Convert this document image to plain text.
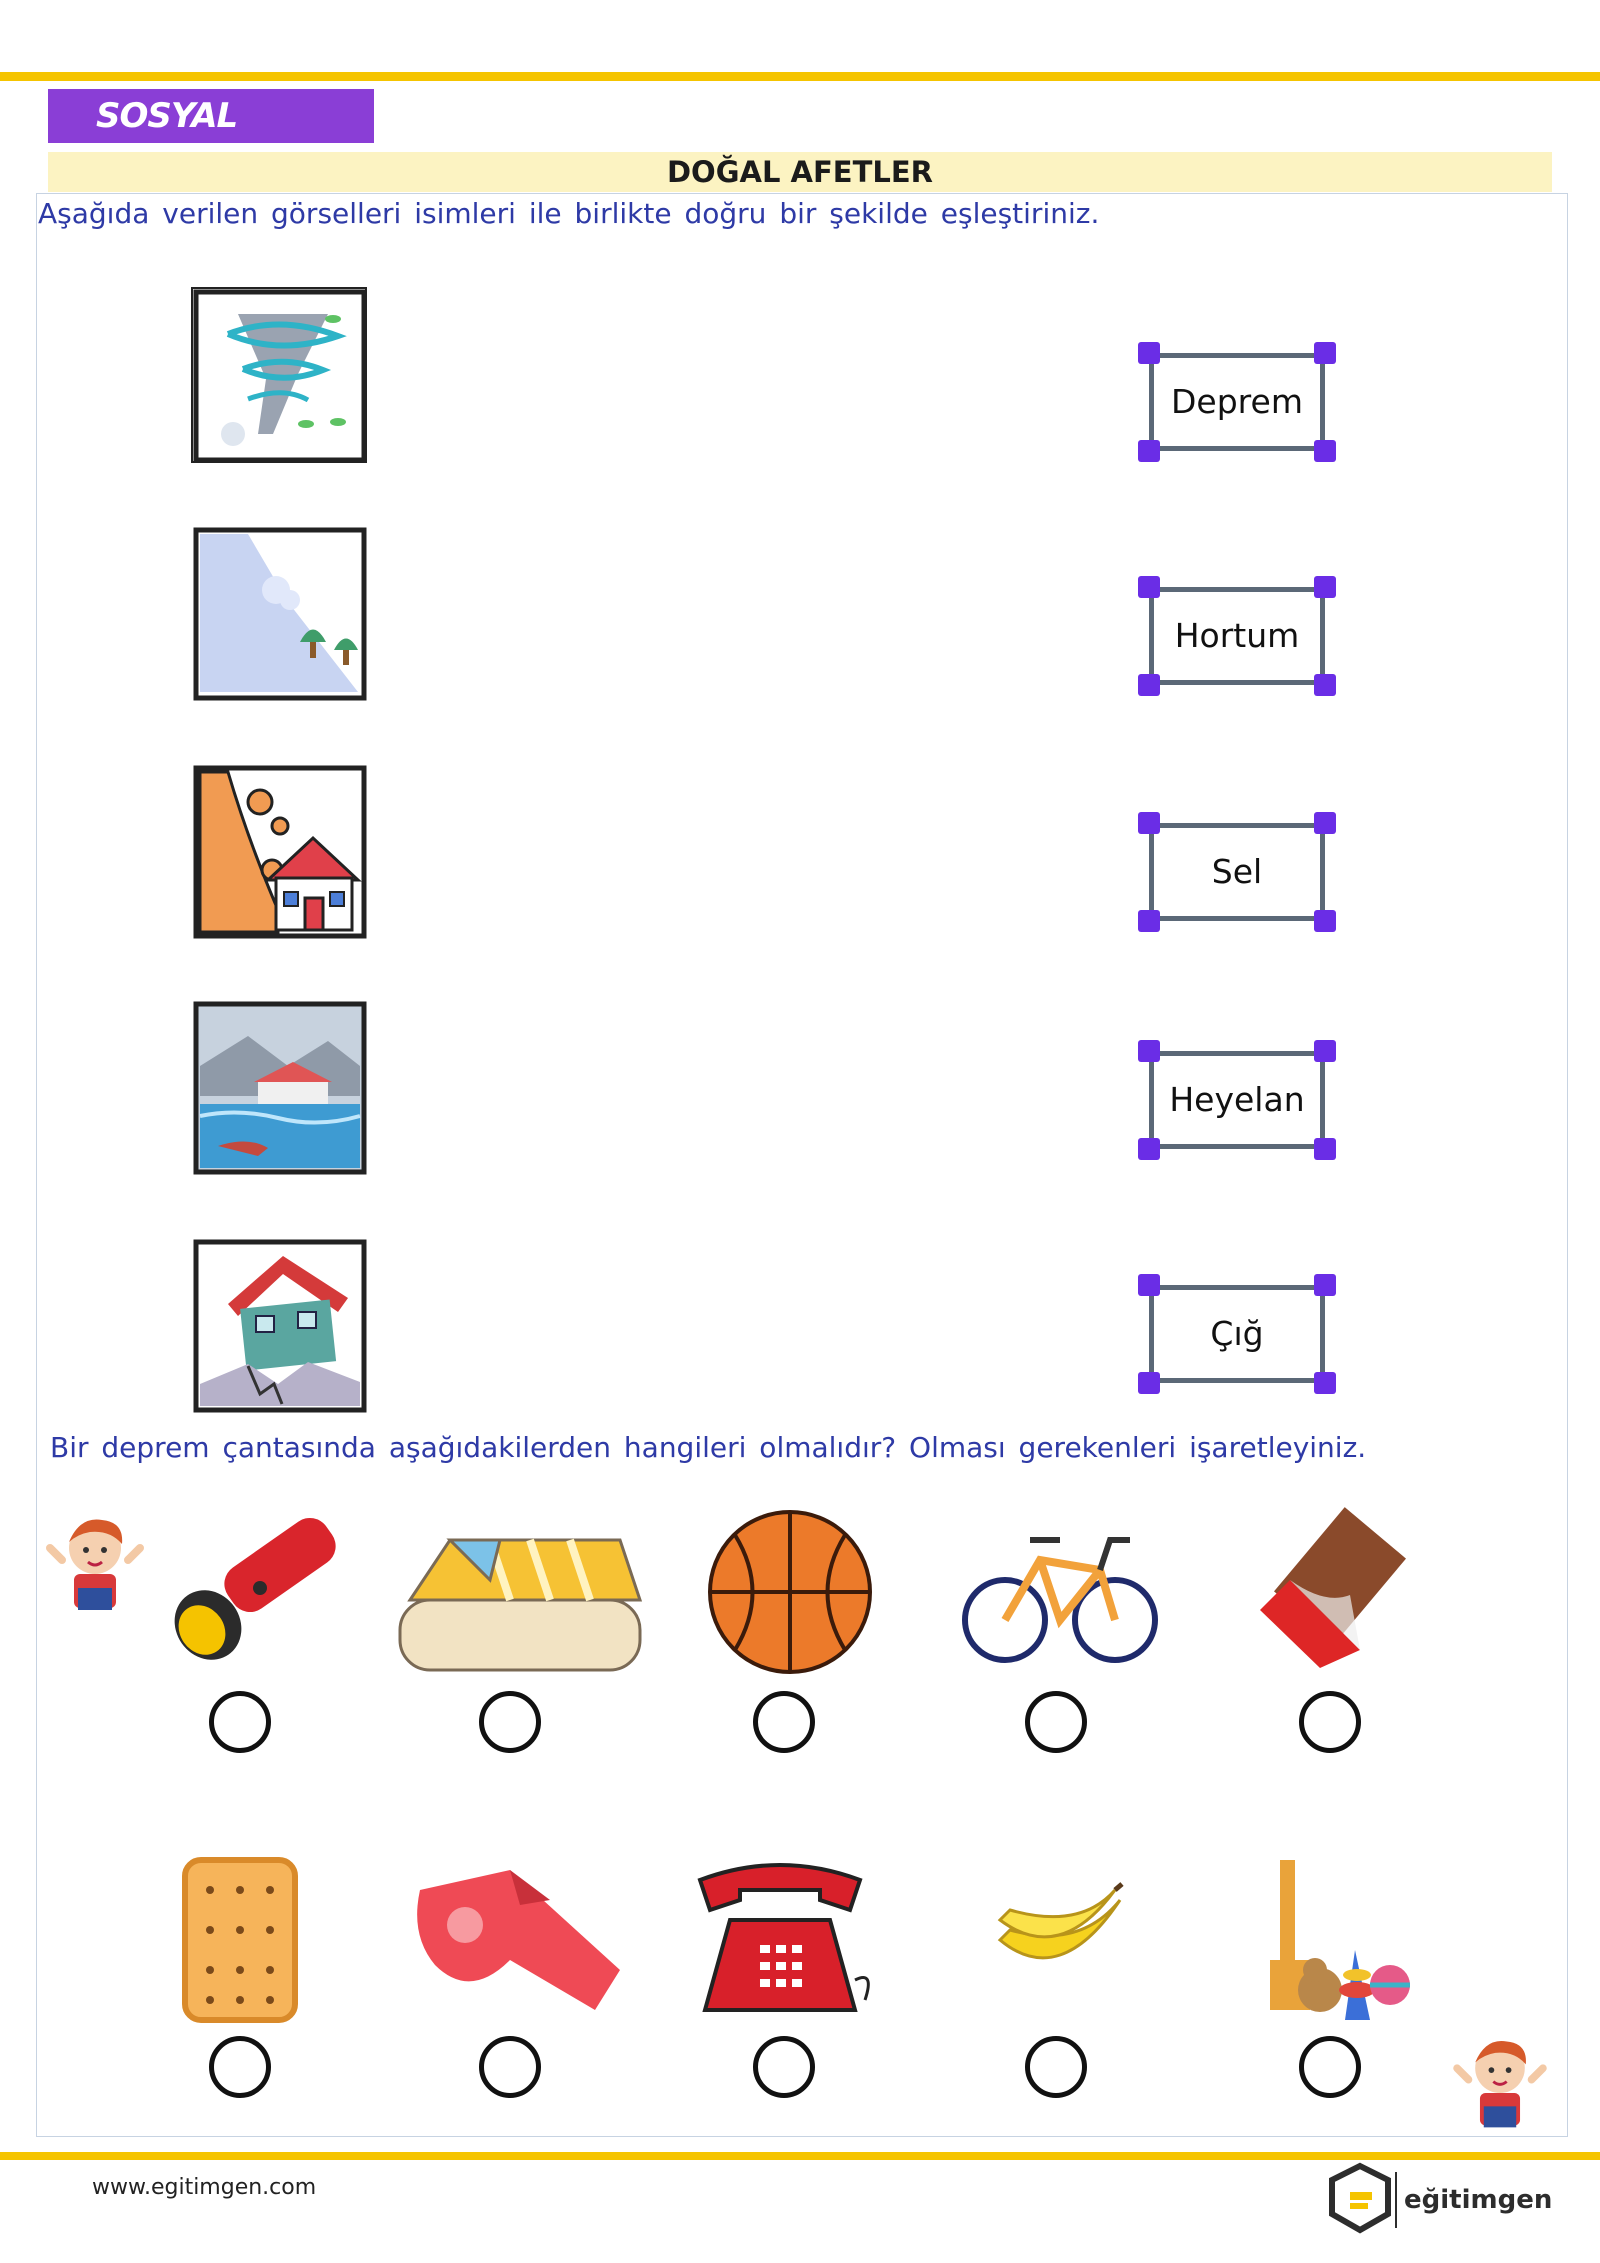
SOSYAL
DOĞAL AFETLER
Aşağıda verilen görselleri isimleri ile birlikte doğru bir şekilde eşleştiriniz.
Deprem
Hortum
Sel
Heyelan
Çığ
Bir deprem çantasında aşağıdakilerden hangileri olmalıdır? Olması gerekenleri işaretleyiniz.
www.egitimgen.com	eğitimgen
